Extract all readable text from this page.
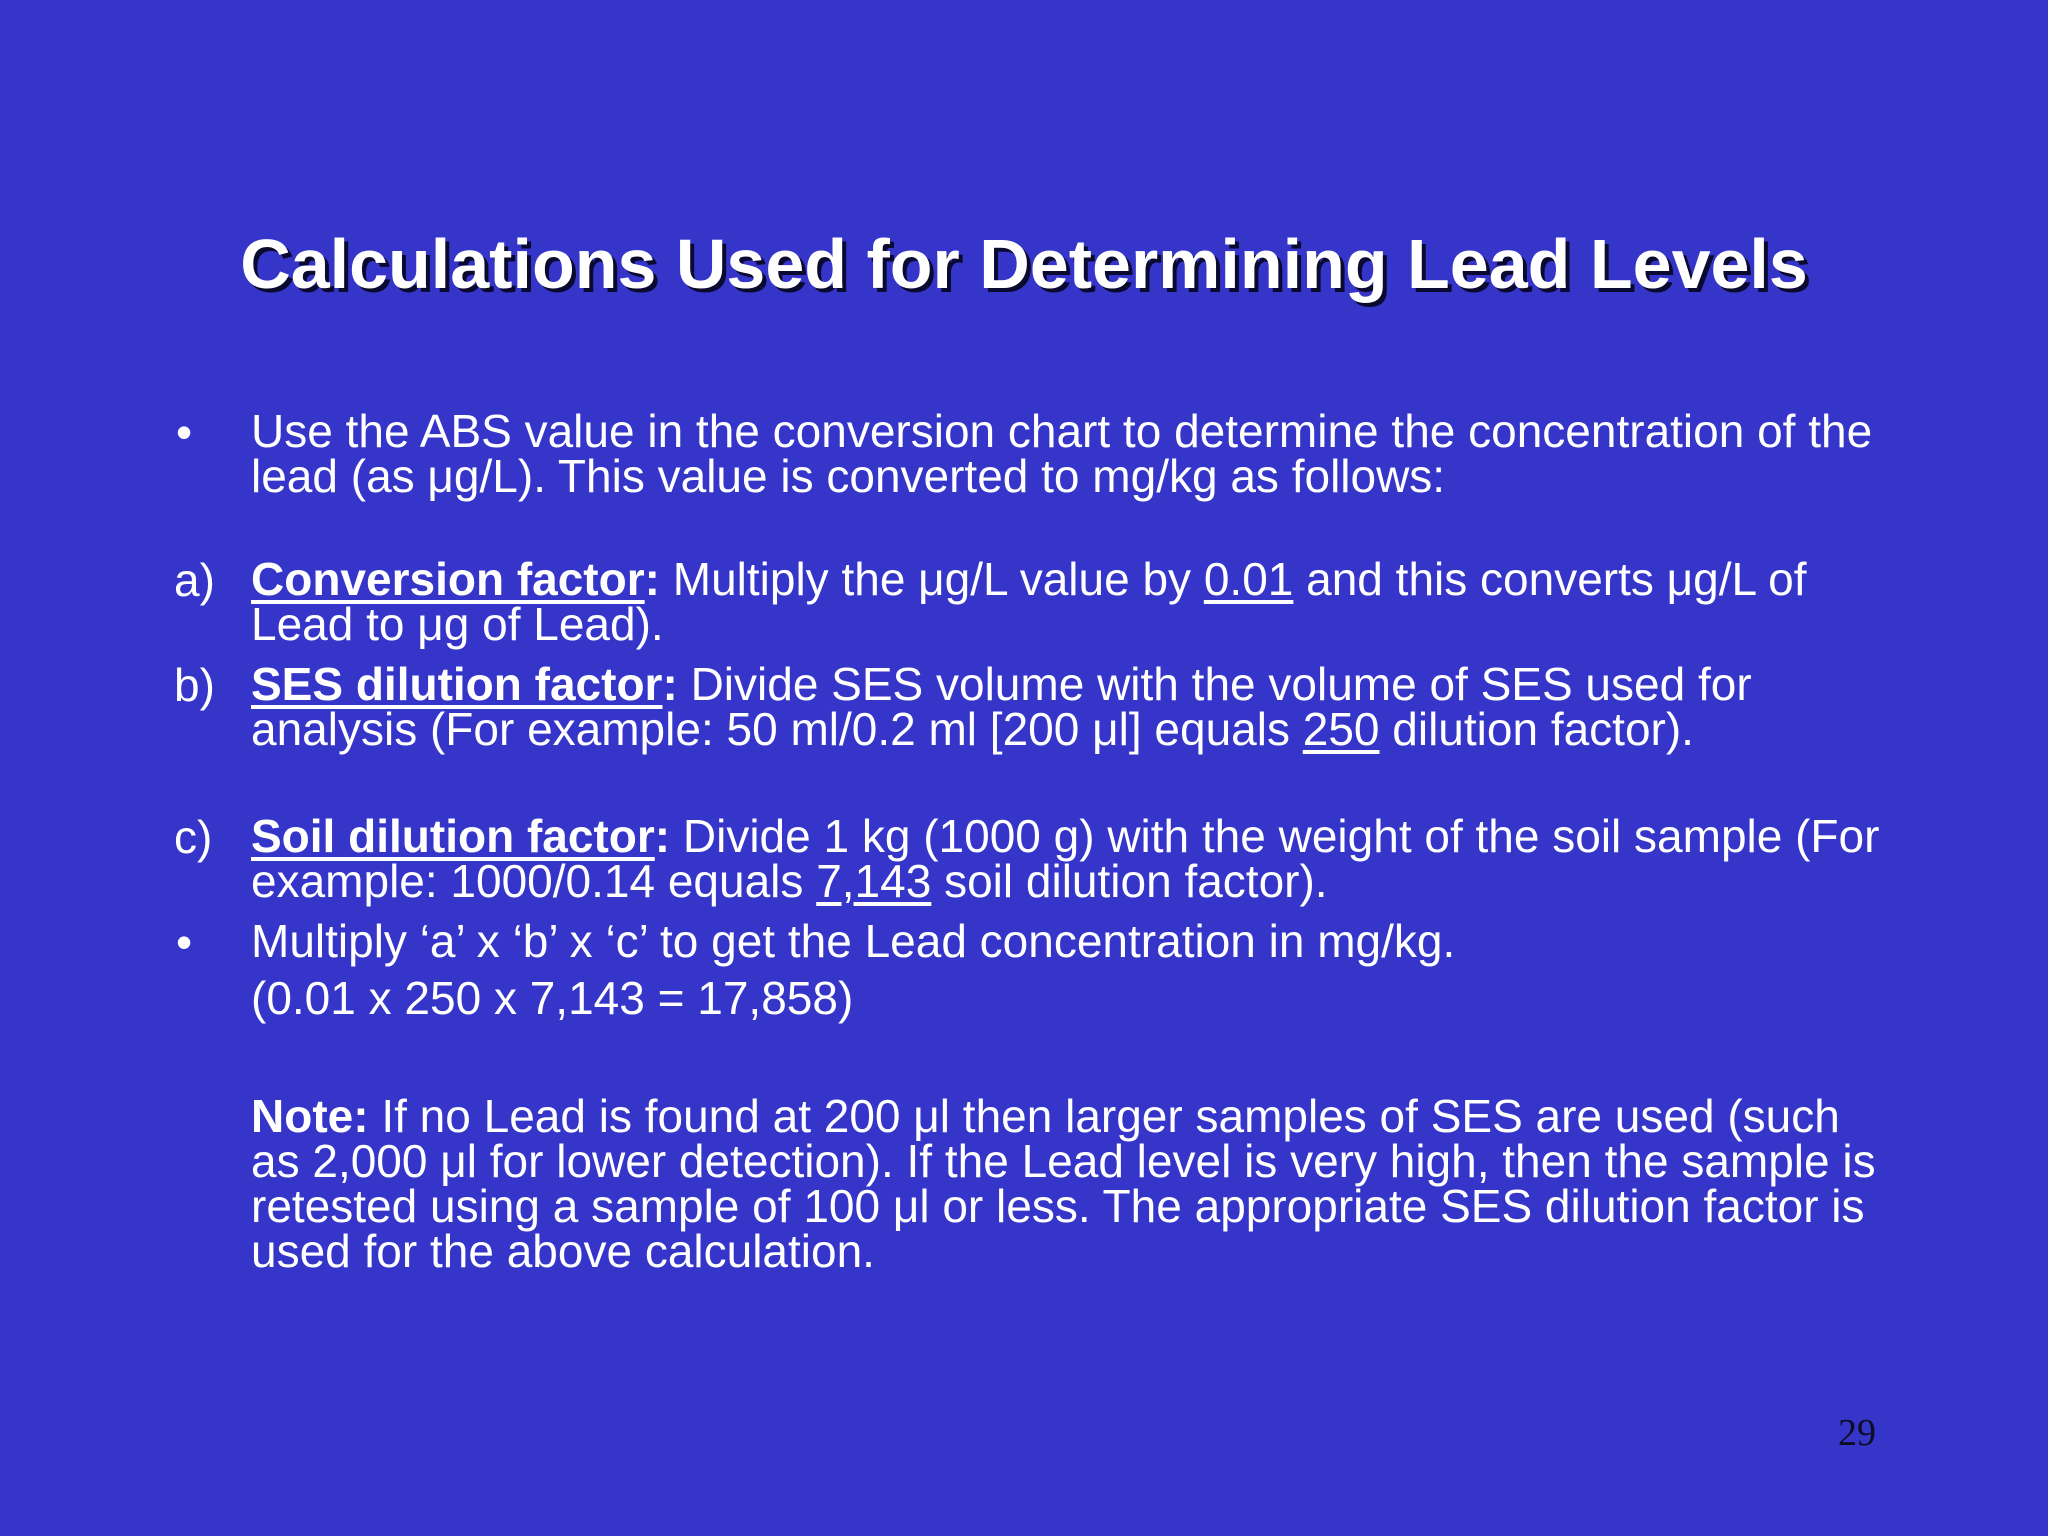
Calculations Used for Determining Lead Levels
• Use the ABS value in the conversion chart to determine the concentration of the lead (as μg/L). This value is converted to mg/kg as follows:
a) Conversion factor: Multiply the μg/L value by 0.01 and this converts μg/L of Lead to μg of Lead).
b) SES dilution factor: Divide SES volume with the volume of SES used for analysis (For example: 50 ml/0.2 ml [200 μl] equals 250 dilution factor).
c) Soil dilution factor: Divide 1 kg (1000 g) with the weight of the soil sample (For example: 1000/0.14 equals 7,143 soil dilution factor).
• Multiply ‘a’ x ‘b’ x ‘c’ to get the Lead concentration in mg/kg.
(0.01 x 250 x 7,143 = 17,858)
Note: If no Lead is found at 200 μl then larger samples of SES are used (such as 2,000 μl for lower detection). If the Lead level is very high, then the sample is retested using a sample of 100 μl or less. The appropriate SES dilution factor is used for the above calculation.
29
